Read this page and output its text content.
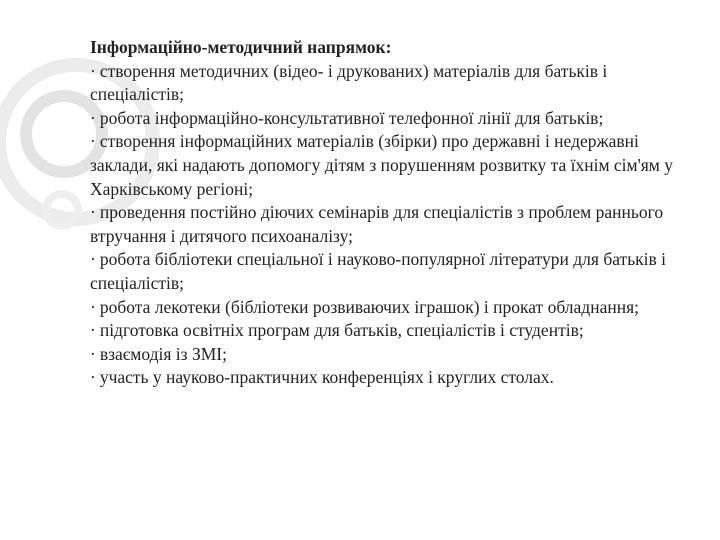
Інформаційно-методичний напрямок:

· створення методичних (відео- і друкованих) матеріалів для батьків і спеціалістів;
· робота інформаційно-консультативної телефонної лінії для батьків;
· створення інформаційних матеріалів (збірки) про державні і недержавні заклади, які надають допомогу дітям з порушенням розвитку та їхнім сім'ям у Харківському регіоні;
· проведення постійно діючих семінарів для спеціалістів з проблем раннього втручання і дитячого психоаналізу;
· робота бібліотеки спеціальної і науково-популярної літератури для батьків і спеціалістів;
· робота лекотеки (бібліотеки розвиваючих іграшок) і прокат обладнання;
· підготовка освітніх програм для батьків, спеціалістів і студентів;
· взаємодія із ЗМІ;
· участь у науково-практичних конференціях і круглих столах.
